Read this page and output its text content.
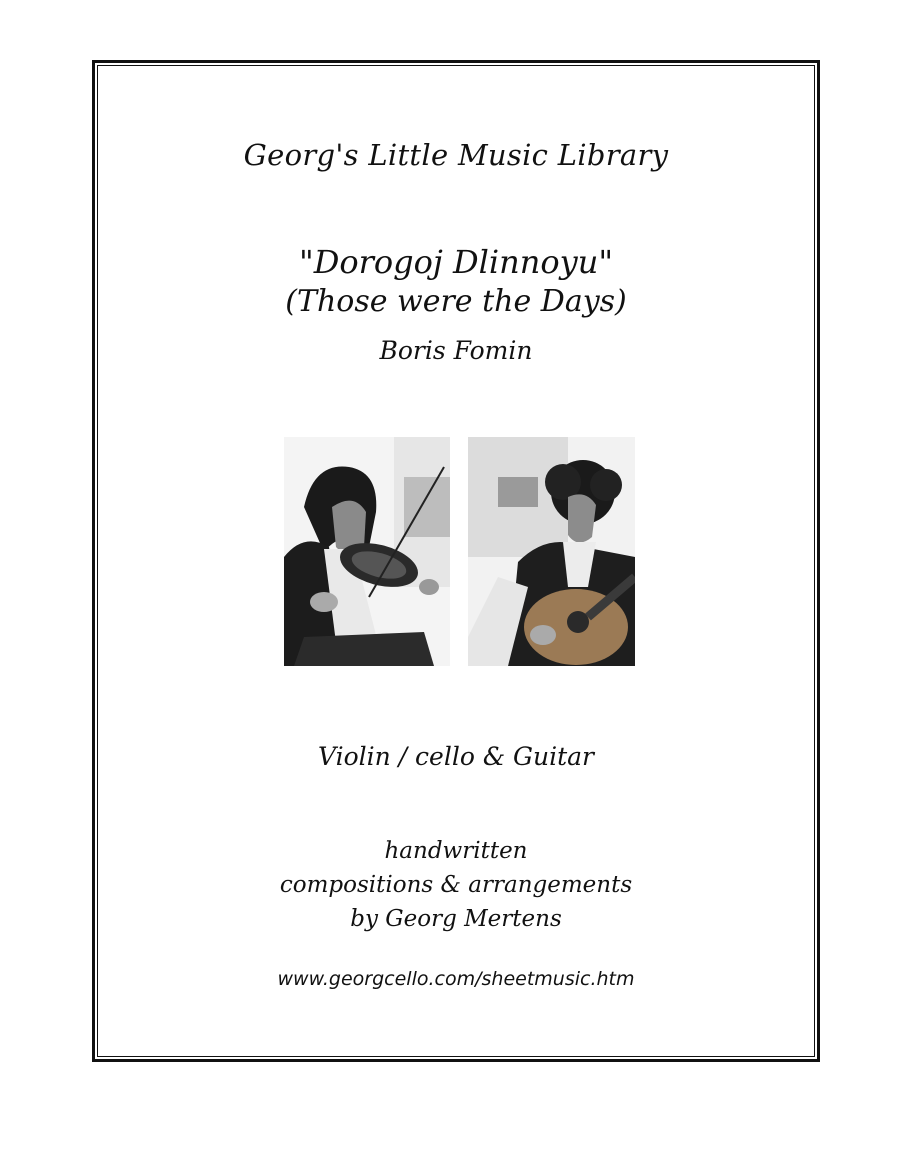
Georg's Little Music Library
"Dorogoj Dlinnoyu"
(Those were the Days)
Boris Fomin
Violin / cello & Guitar
handwritten
compositions & arrangements
by Georg Mertens
www.georgcello.com/sheetmusic.htm
